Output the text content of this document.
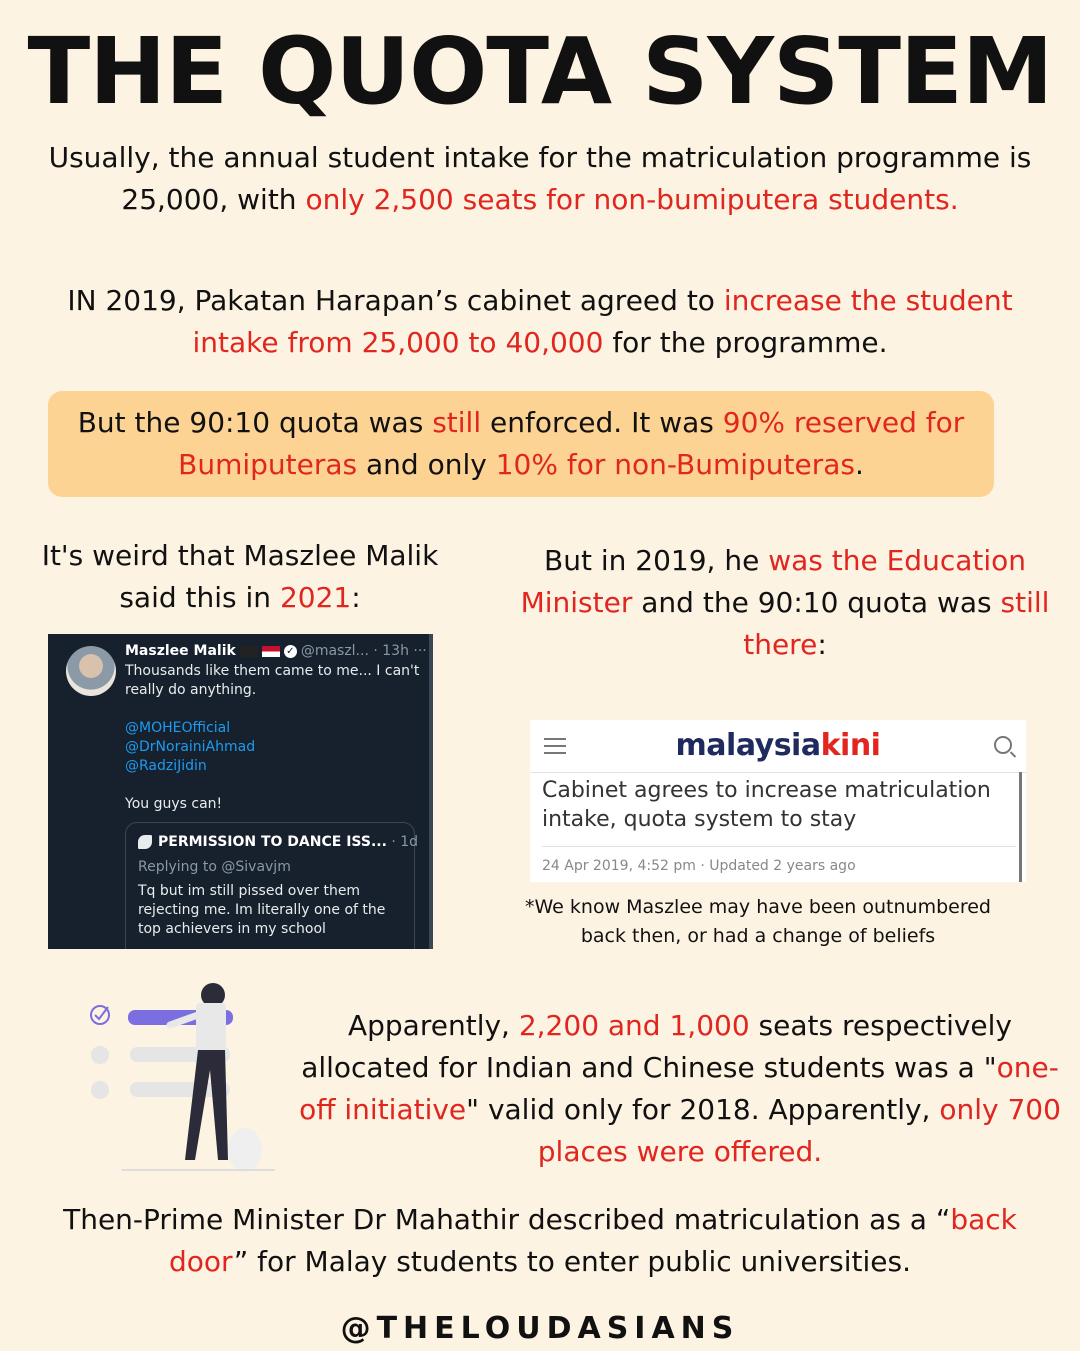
THE QUOTA SYSTEM

Usually, the annual student intake for the matriculation programme is 25,000, with only 2,500 seats for non-bumiputera students.

IN 2019, Pakatan Harapan’s cabinet agreed to increase the student intake from 25,000 to 40,000 for the programme.

But the 90:10 quota was still enforced. It was 90% reserved for Bumiputeras and only 10% for non-Bumiputeras.

It's weird that Maszlee Malik said this in 2021:

But in 2019, he was the Education Minister and the 90:10 quota was still there:

Maszlee Malik	✓ @maszl... · 13h ···

Thousands like them came to me... I can't really do anything.

@MOHEOfficial
@DrNorainiAhmad
@RadziJidin

You guys can!

PERMISSION TO DANCE ISS... · 1d
Replying to @Sivavjm
Tq but im still pissed over them rejecting me. Im literally one of the top achievers in my school
malaysiakini
Cabinet agrees to increase matriculation intake, quota system to stay
24 Apr 2019, 4:52 pm · Updated 2 years ago
*We know Maszlee may have been outnumbered back then, or had a change of beliefs

Apparently, 2,200 and 1,000 seats respectively allocated for Indian and Chinese students was a "one-off initiative" valid only for 2018. Apparently, only 700 places were offered.

Then-Prime Minister Dr Mahathir described matriculation as a “back door” for Malay students to enter public universities.

@THELOUDASIANS
